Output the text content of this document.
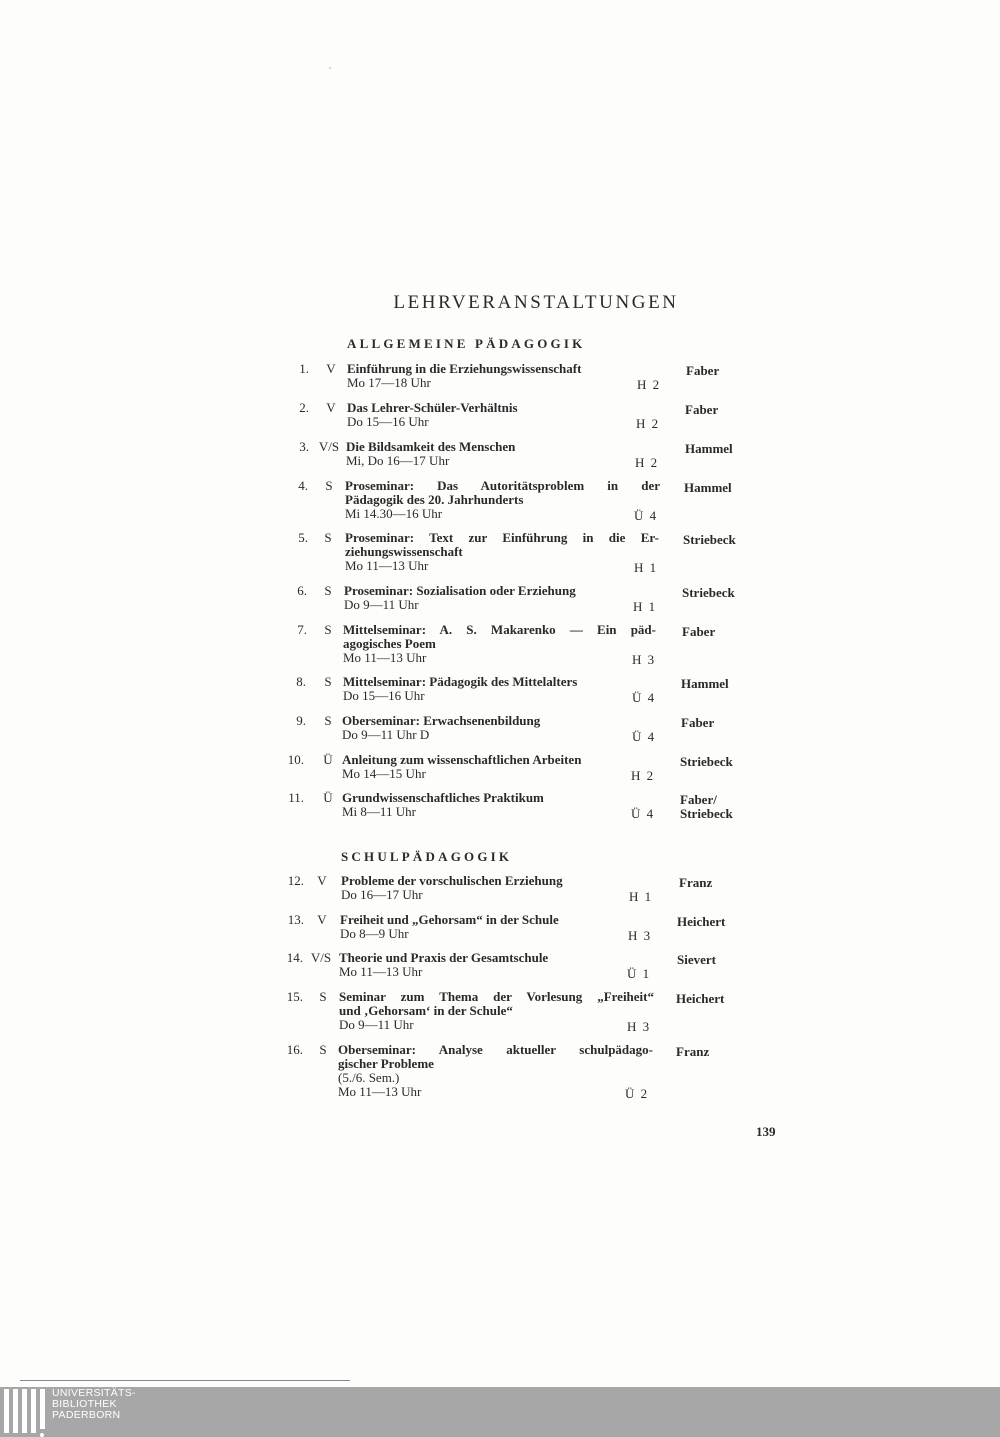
LEHRVERANSTALTUNGEN
ALLGEMEINE PÄDAGOGIK
SCHULPÄDAGOGIK
1.	V Einführung in die Erziehungswissenschaft
Mo 17—18 Uhr	H 2
Faber
2.	V Das Lehrer-Schüler-Verhältnis
Do 15—16 Uhr	H 2
Faber
3. V/S Die Bildsamkeit des Menschen
Mi, Do 16—17 Uhr	H 2
Hammel
4.	S Proseminar: Das Autoritätsproblem in der
Pädagogik des 20. Jahrhunderts
Mi 14.30—16 Uhr	Ü 4
Hammel
5.	S	Proseminar: Text zur Einführung in die Er-
ziehungswissenschaft
Mo 11—13 Uhr	H 1
Striebeck
6.	S Proseminar: Sozialisation oder Erziehung
Do 9—11 Uhr	H 1
Striebeck
7.	S Mittelseminar: A. S. Makarenko — Ein päd-
agogisches Poem
Mo 11—13 Uhr	H 3
Faber
8.	S Mittelseminar: Pädagogik des Mittelalters
Do 15—16 Uhr	Ü 4
Hammel
9.	S Oberseminar: Erwachsenenbildung
Do 9—11 Uhr D	Ü 4
Faber
10.	Ü Anleitung zum wissenschaftlichen Arbeiten
Mo 14—15 Uhr	H 2
Striebeck
11.	Ü Grundwissenschaftliches Praktikum
Mi 8—11 Uhr	Ü 4
Faber/
Striebeck
12.	V	Probleme der vorschulischen Erziehung
Do 16—17 Uhr	H 1
Franz
13.	V	Freiheit und „Gehorsam“ in der Schule
Do 8—9 Uhr	H 3
Heichert
14. V/S Theorie und Praxis der Gesamtschule
Mo 11—13 Uhr	Ü 1
Sievert
15.	S Seminar zum Thema der Vorlesung „Freiheit“
und ‚Gehorsam‘ in der Schule“
Do 9—11 Uhr	H 3
Heichert
16.	S Oberseminar: Analyse aktueller schulpädago-
gischer Probleme
(5./6. Sem.)
Mo 11—13 Uhr	Ü 2
Franz
139
UNIVERSITÄTS-
BIBLIOTHEK
PADERBORN
